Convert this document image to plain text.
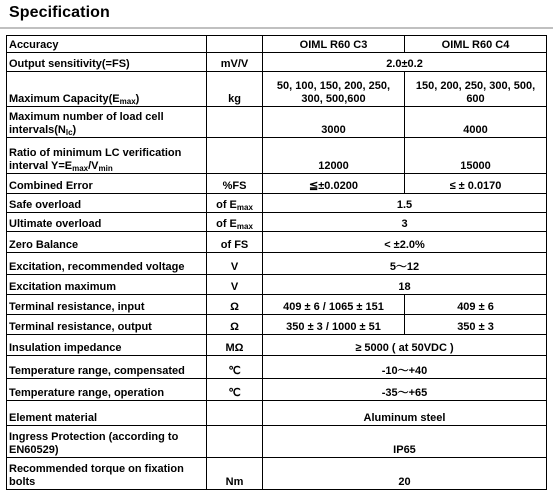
Specification
Accuracy		OIML R60 C3	OIML R60 C4
Output sensitivity(=FS)	mV/V	2.0±0.2	
Maximum $Capacity(E_{max})$	kg	50, 100, 150, 200, 250, 300, 500,600	150, 200, 250, 300, 500, 600
Maximum number of load cell $intervals(N_{lc})$		3000	4000
Ratio of minimum LC verification interval $Y=E_{max}/V_{min}$		12000	15000
Combined Error	%FS	≦±0.0200	≤ ± 0.0170
Safe overload	of $E_{max}$	1.5	
Ultimate overload	of $E_{max}$	3	
Zero Balance	of FS	< ±2.0%	
Excitation, recommended voltage	V	5～12	
Excitation maximum	V	18	
Terminal resistance, input	Ω	409 ± 6 / 1065 ± 151	409 ± 6
Terminal resistance, output	Ω	350 ± 3 / 1000 ± 51	350 ± 3
Insulation impedance	MΩ	≥ 5000 ( at 50VDC )	
Temperature range, compensated	℃	-10～+40	
Temperature range, operation	℃	-35～+65	
Element material		Aluminum steel	
Ingress Protection (according to EN60529)		IP65	
Recommended torque on fixation bolts	Nm	20	
